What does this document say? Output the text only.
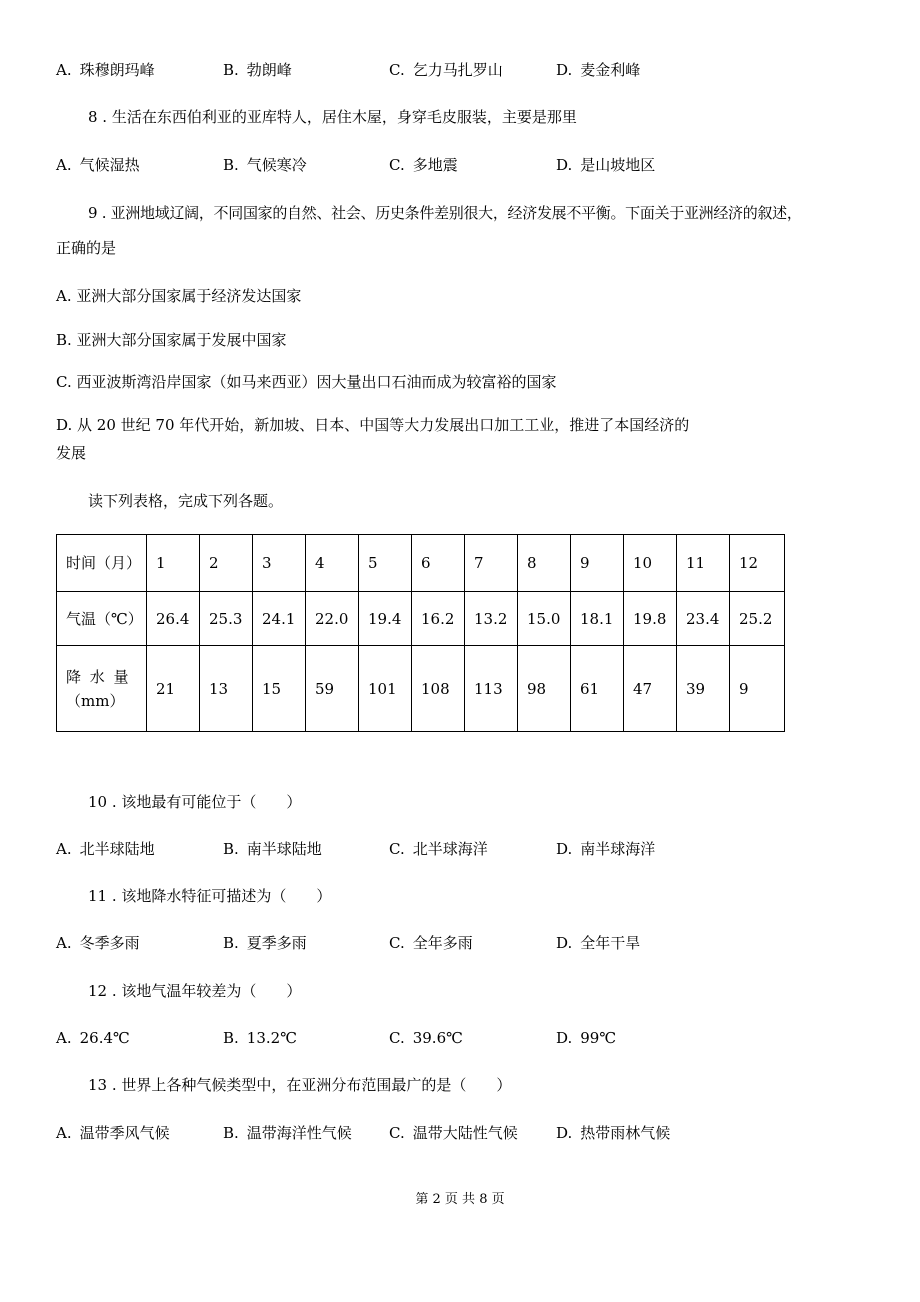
A. 珠穆朗玛峰	B. 勃朗峰	C. 乞力马扎罗山	D. 麦金利峰
8 . 生活在东西伯利亚的亚库特人，居住木屋，身穿毛皮服装，主要是那里
A. 气候湿热	B. 气候寒冷	C. 多地震	D. 是山坡地区
9 . 亚洲地域辽阔，不同国家的自然、社会、历史条件差别很大，经济发展不平衡。下面关于亚洲经济的叙述，
正确的是
A. 亚洲大部分国家属于经济发达国家
B. 亚洲大部分国家属于发展中国家
C. 西亚波斯湾沿岸国家（如马来西亚）因大量出口石油而成为较富裕的国家
D. 从 20 世纪 70 年代开始，新加坡、日本、中国等大力发展出口加工工业，推进了本国经济的
发展
读下列表格，完成下列各题。
时间（月）	1	2	3	4	5	6	7	8	9	10	11	12
气温（℃）	26.4	25.3	24.1	22.0	19.4	16.2	13.2	15.0	18.1	19.8	23.4	25.2

降 水 量
（mm）	21	13	15	59	101	108	113	98	61	47	39	9
10 . 该地最有可能位于（　　）
A. 北半球陆地	B. 南半球陆地	C. 北半球海洋	D. 南半球海洋
11 . 该地降水特征可描述为（　　）
A. 冬季多雨	B. 夏季多雨	C. 全年多雨	D. 全年干旱
12 . 该地气温年较差为（　　）
A. 26.4℃	B. 13.2℃	C. 39.6℃	D. 99℃
13 . 世界上各种气候类型中，在亚洲分布范围最广的是（　　）
A. 温带季风气候	B. 温带海洋性气候 C. 温带大陆性气候	D. 热带雨林气候
第 2 页 共 8 页
